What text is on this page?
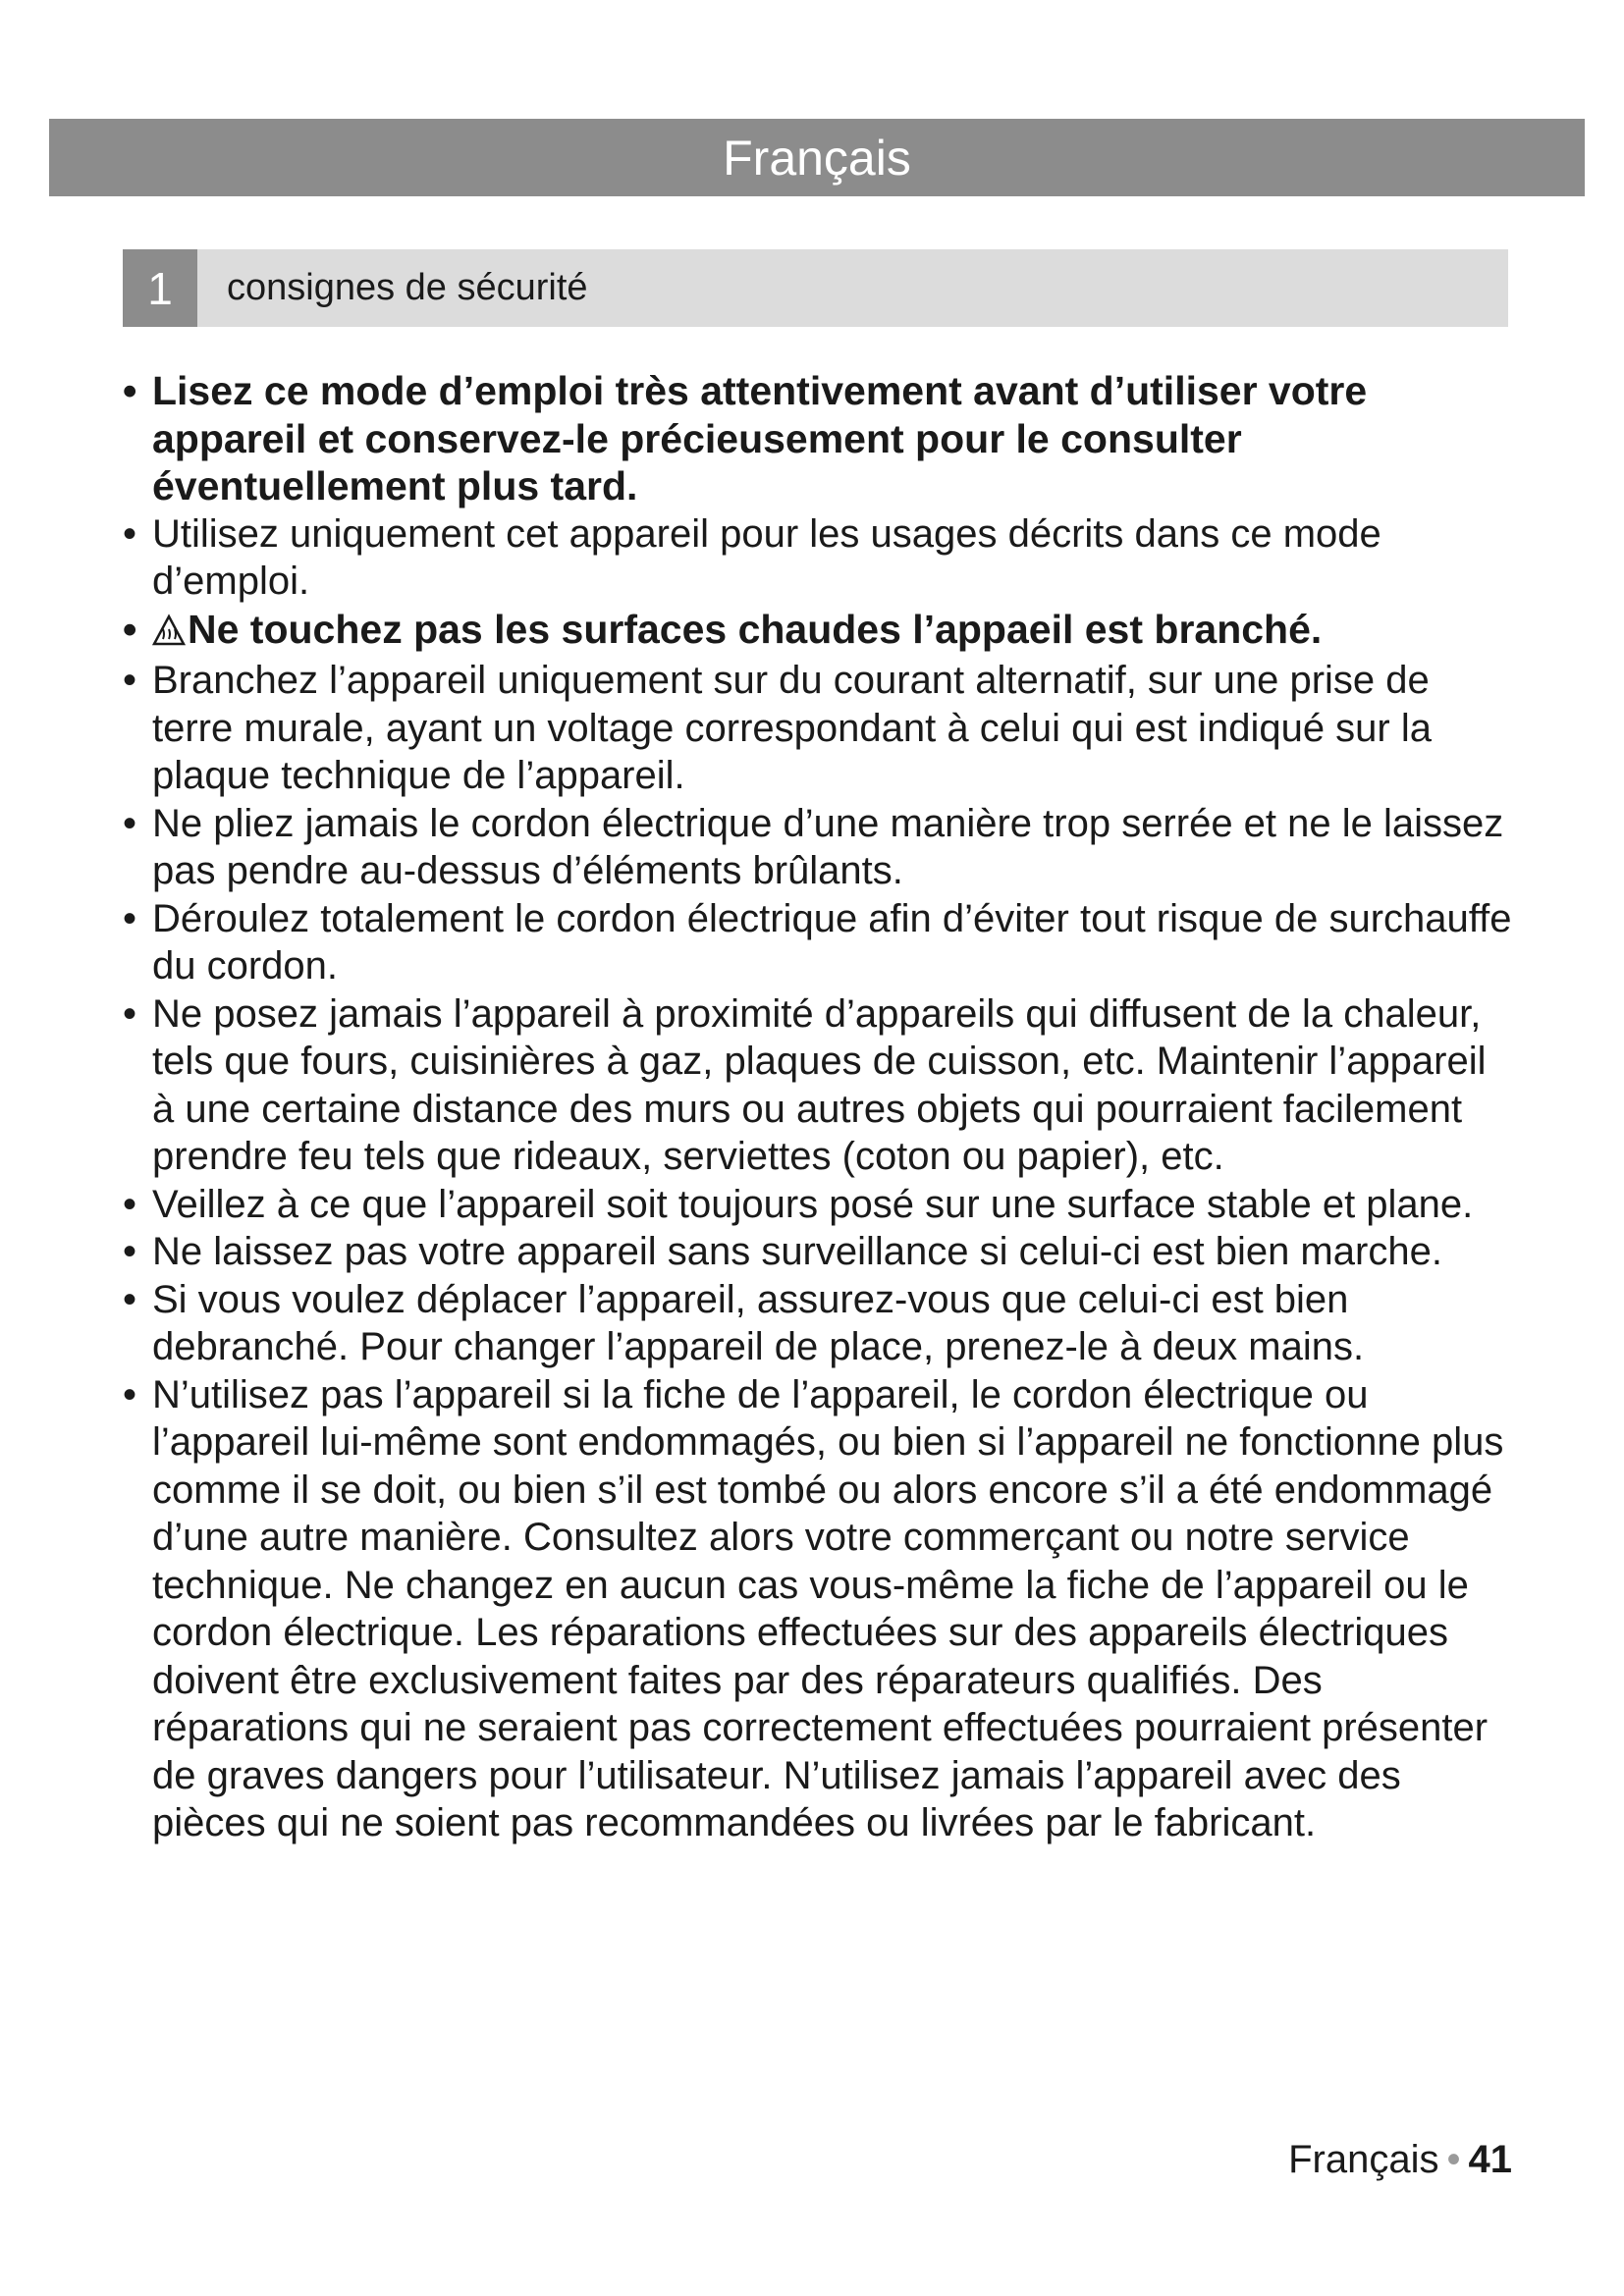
Français
1	consignes de sécurité

• Lisez ce mode d’emploi très attentivement avant d’utiliser votre appareil et conservez-le précieusement pour le consulter éventuellement plus tard.

• Utilisez uniquement cet appareil pour les usages décrits dans ce mode d’emploi.

• Ne touchez pas les surfaces chaudes l’appaeil est branché.

• Branchez l’appareil uniquement sur du courant alternatif, sur une prise de terre murale, ayant un voltage correspondant à celui qui est indiqué sur la plaque technique de l’appareil.

• Ne pliez jamais le cordon électrique d’une manière trop serrée et ne le laissez pas pendre au-dessus d’éléments brûlants.

• Déroulez totalement le cordon électrique afin d’éviter tout risque de surchauffe du cordon.

• Ne posez jamais l’appareil à proximité d’appareils qui diffusent de la chaleur, tels que fours, cuisinières à gaz, plaques de cuisson, etc. Maintenir l’appareil à une certaine distance des murs ou autres objets qui pourraient facilement prendre feu tels que rideaux, serviettes (coton ou papier), etc.

• Veillez à ce que l’appareil soit toujours posé sur une surface stable et plane.

• Ne laissez pas votre appareil sans surveillance si celui-ci est bien marche.

• Si vous voulez déplacer l’appareil, assurez-vous que celui-ci est bien debranché. Pour changer l’appareil de place, prenez-le à deux mains.

• N’utilisez pas l’appareil si la fiche de l’appareil, le cordon électrique ou l’appareil lui-même sont endommagés, ou bien si l’appareil ne fonctionne plus comme il se doit, ou bien s’il est tombé ou alors encore s’il a été endommagé d’une autre manière. Consultez alors votre commerçant ou notre service technique. Ne changez en aucun cas vous-même la fiche de l’appareil ou le cordon électrique. Les réparations effectuées sur des appareils électriques doivent être exclusivement faites par des réparateurs qualifiés. Des réparations qui ne seraient pas correctement effectuées pourraient présenter de graves dangers pour l’utilisateur. N’utilisez jamais l’appareil avec des pièces qui ne soient pas recommandées ou livrées par le fabricant.

Français • 41
